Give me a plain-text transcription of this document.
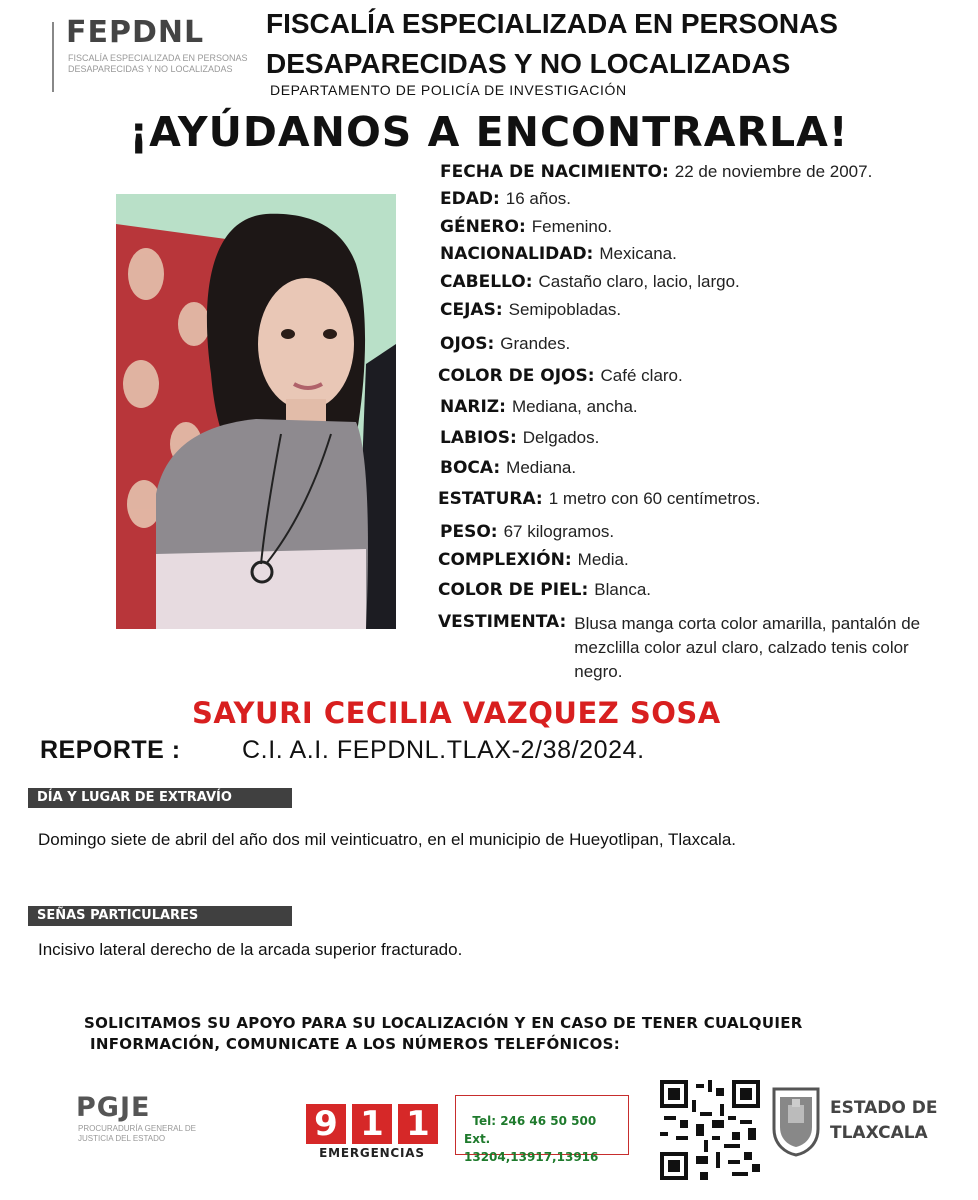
FEPDNL
FISCALÍA ESPECIALIZADA EN PERSONAS DESAPARECIDAS Y NO LOCALIZADAS
FISCALÍA ESPECIALIZADA EN PERSONAS
DESAPARECIDAS Y NO LOCALIZADAS
DEPARTAMENTO DE POLICÍA DE INVESTIGACIÓN
¡AYÚDANOS A ENCONTRARLA!
FECHA DE NACIMIENTO: 22 de noviembre de 2007.
EDAD: 16 años.
GÉNERO: Femenino.
NACIONALIDAD: Mexicana.
CABELLO: Castaño claro, lacio, largo.
CEJAS: Semipobladas.
OJOS: Grandes.
COLOR DE OJOS: Café claro.
NARIZ: Mediana, ancha.
LABIOS: Delgados.
BOCA: Mediana.
ESTATURA: 1 metro con 60 centímetros.
PESO: 67 kilogramos.
COMPLEXIÓN: Media.
COLOR DE PIEL: Blanca.
VESTIMENTA: Blusa manga corta color amarilla, pantalón de mezclilla color azul claro, calzado tenis color negro.
SAYURI CECILIA VAZQUEZ SOSA
REPORTE : C.I. A.I. FEPDNL.TLAX-2/38/2024.
DÍA Y LUGAR DE EXTRAVÍO
Domingo siete de abril del año dos mil veinticuatro, en el municipio de Hueyotlipan, Tlaxcala.
SEÑAS PARTICULARES
Incisivo lateral derecho de la arcada superior fracturado.
SOLICITAMOS SU APOYO PARA SU LOCALIZACIÓN Y EN CASO DE TENER CUALQUIER
INFORMACIÓN, COMUNICATE A LOS NÚMEROS TELEFÓNICOS:
PGJE
PROCURADURÍA GENERAL DE JUSTICIA DEL ESTADO	9 1 1
EMERGENCIAS
Tel: 246 46 50 500
Ext. 13204,13917,13916
ESTADO DE
TLAXCALA
